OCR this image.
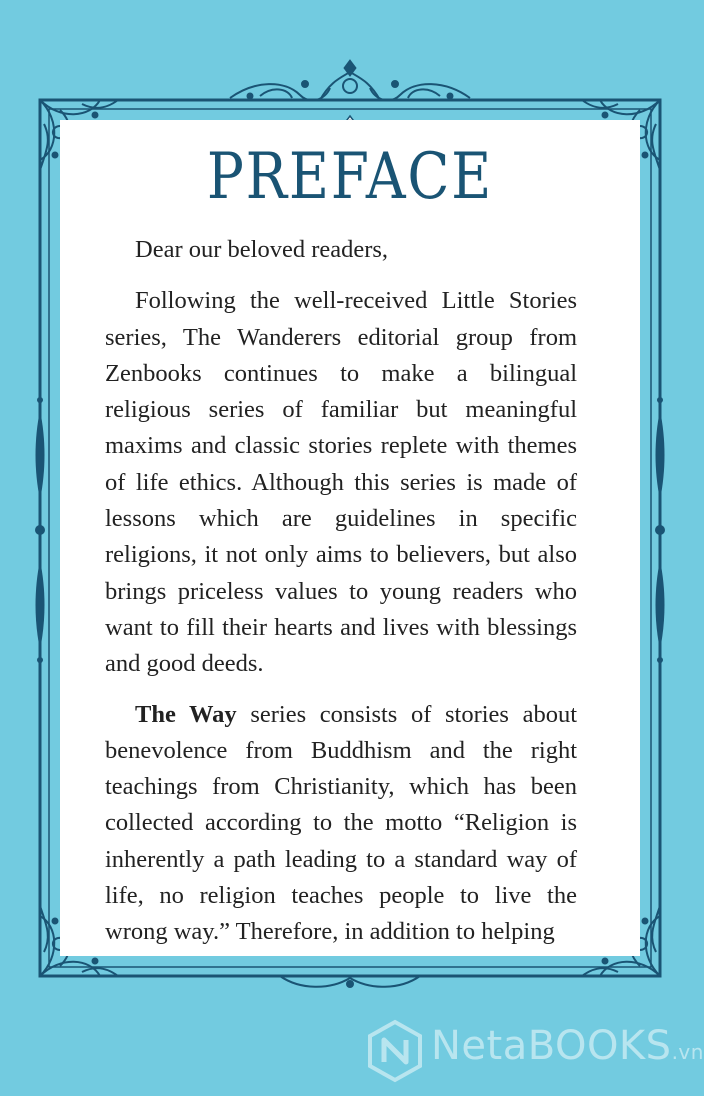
PREFACE

Dear our beloved readers,

Following the well-received Little Stories series, The Wanderers editorial group from Zenbooks continues to make a bilingual religious series of familiar but meaningful maxims and classic stories replete with themes of life ethics. Although this series is made of lessons which are guidelines in specific religions, it not only aims to believers, but also brings priceless values to young readers who want to fill their hearts and lives with blessings and good deeds.

The Way series consists of stories about benevolence from Buddhism and the right teachings from Christianity, which has been collected according to the motto “Religion is inherently a path leading to a standard way of life, no religion teaches people to live the wrong way.” Therefore, in addition to helping

NetaBOOKS.vn
